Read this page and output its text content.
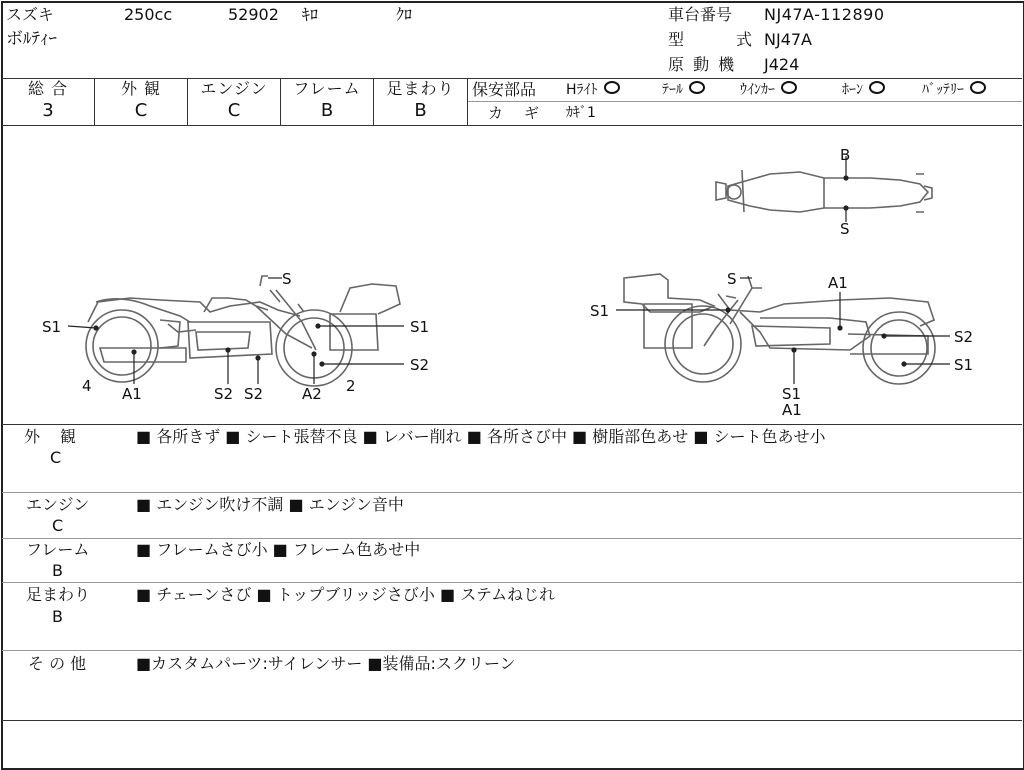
スズキ	250cc	52902 ｷﾛ	ｸﾛ
ボﾙﾃｨｰ
車台番号 NJ47A-112890
型	式 NJ47A
原 動 機 J424
総 合
3
外 観
C
エンジン
C
フレーム
B
足まわり
B
保安部品 Hﾗｲﾄ	ﾃｰﾙ	ｳｲﾝｶｰ	ﾎｰﾝ	ﾊﾞｯﾃﾘｰ
カ　ギ ｶｷﾞ1
S
S1	S1
S2
A1	A2
S2 S2
4	2
S
S1
A1
S2
S1
S1
A1
B
S
外　観
C
■ 各所きず ■ シート張替不良 ■ レバー削れ ■ 各所さび中 ■ 樹脂部色あせ ■ シート色あせ小
エンジン
C
■ エンジン吹け不調 ■ エンジン音中
フレーム
B
■ フレームさび小 ■ フレーム色あせ中
足まわり
B
■ チェーンさび ■ トップブリッジさび小 ■ ステムねじれ
そ の 他	■カスタムパーツ:サイレンサー ■装備品:スクリーン
